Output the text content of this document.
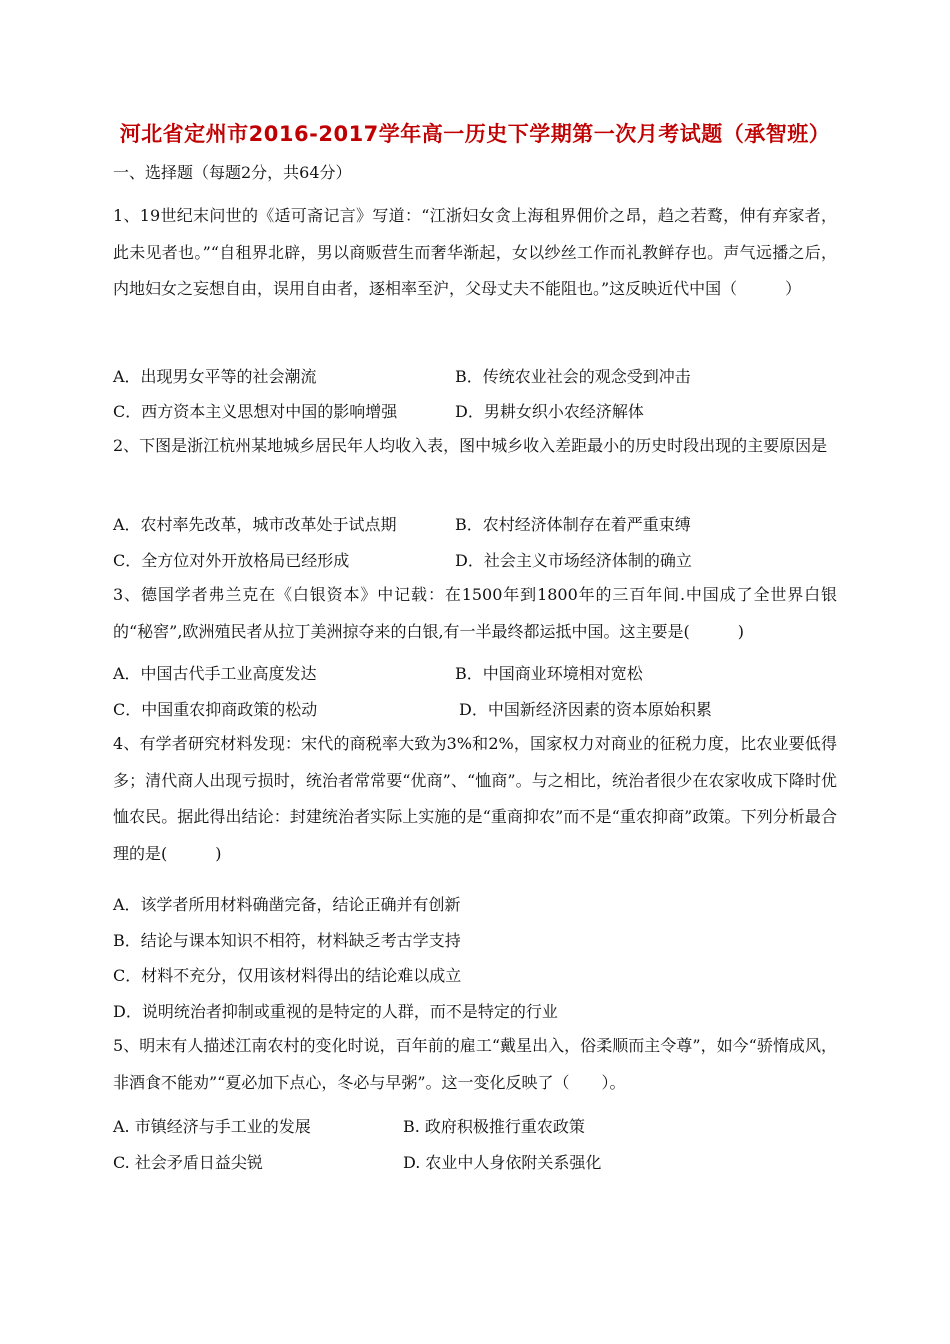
河北省定州市2016-2017学年高一历史下学期第一次月考试题（承智班）
一、选择题（每题2分，共64分）
1、19世纪末问世的《适可斋记言》写道：“江浙妇女贪上海租界佣价之昂，趋之若鹜，伸有弃家者，此未见者也。”“自租界北辟，男以商贩营生而奢华渐起，女以纱丝工作而礼教鲜存也。声气远播之后，内地妇女之妄想自由，误用自由者，逐相率至沪，父母丈夫不能阻也。”这反映近代中国（　　　）
A．出现男女平等的社会潮流	B．传统农业社会的观念受到冲击
C．西方资本主义思想对中国的影响增强	D．男耕女织小农经济解体
2、下图是浙江杭州某地城乡居民年人均收入表，图中城乡收入差距最小的历史时段出现的主要原因是
A．农村率先改革，城市改革处于试点期	B．农村经济体制存在着严重束缚
C．全方位对外开放格局已经形成	D．社会主义市场经济体制的确立
3、德国学者弗兰克在《白银资本》中记载：在1500年到1800年的三百年间.中国成了全世界白银的“秘窖”,欧洲殖民者从拉丁美洲掠夺来的白银,有一半最终都运抵中国。这主要是(　　　)
A．中国古代手工业高度发达	B．中国商业环境相对宽松
C．中国重农抑商政策的松动	D．中国新经济因素的资本原始积累
4、有学者研究材料发现：宋代的商税率大致为3%和2%，国家权力对商业的征税力度，比农业要低得多；清代商人出现亏损时，统治者常常要“优商”、“恤商”。与之相比，统治者很少在农家收成下降时优恤农民。据此得出结论：封建统治者实际上实施的是“重商抑农”而不是“重农抑商”政策。下列分析最合理的是(　　　)
A．该学者所用材料确凿完备，结论正确并有创新
B．结论与课本知识不相符，材料缺乏考古学支持
C．材料不充分，仅用该材料得出的结论难以成立
D．说明统治者抑制或重视的是特定的人群，而不是特定的行业
5、明末有人描述江南农村的变化时说，百年前的雇工“戴星出入，俗柔顺而主令尊”，如今“骄惰成风，非酒食不能劝”“夏必加下点心，冬必与早粥”。这一变化反映了（　　）。
A. 市镇经济与手工业的发展	B. 政府积极推行重农政策
C. 社会矛盾日益尖锐	D. 农业中人身依附关系强化
